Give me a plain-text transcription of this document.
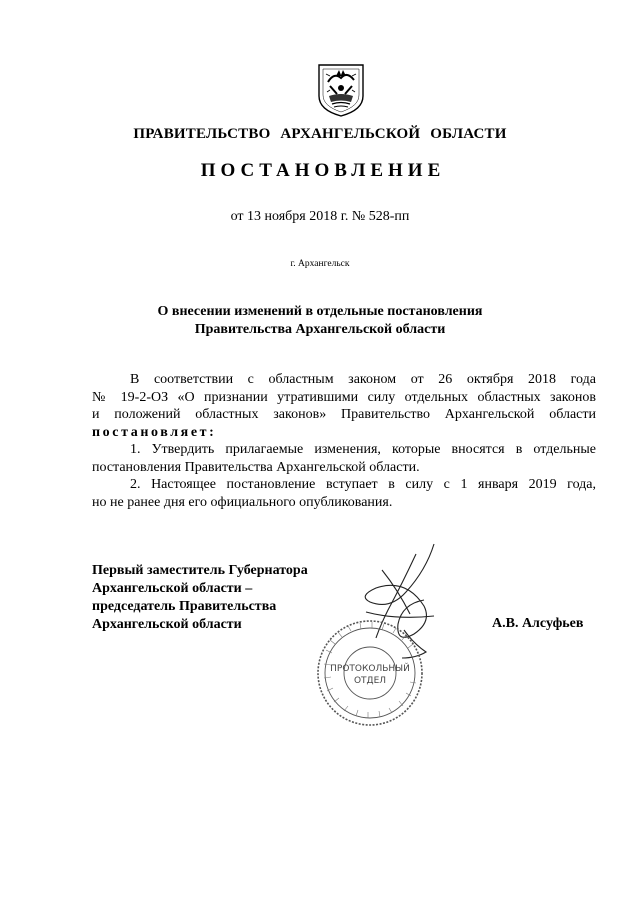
ПРАВИТЕЛЬСТВО АРХАНГЕЛЬСКОЙ ОБЛАСТИ
ПОСТАНОВЛЕНИЕ
от 13 ноября 2018 г. № 528-пп
г. Архангельск
О внесении изменений в отдельные постановления
Правительства Архангельской области
В соответствии с областным законом от 26 октября 2018 года
№ 19-2-ОЗ «О признании утратившими силу отдельных областных законов
и положений областных законов» Правительство Архангельской области
постановляет:
1. Утвердить прилагаемые изменения, которые вносятся в отдельные
постановления Правительства Архангельской области.
2. Настоящее постановление вступает в силу с 1 января 2019 года,
но не ранее дня его официального опубликования.
ПРОТОКОЛЬНЫЙ
ОТДЕЛ
Первый заместитель Губернатора
Архангельской области –
председатель Правительства
Архангельской области	А.В. Алсуфьев
